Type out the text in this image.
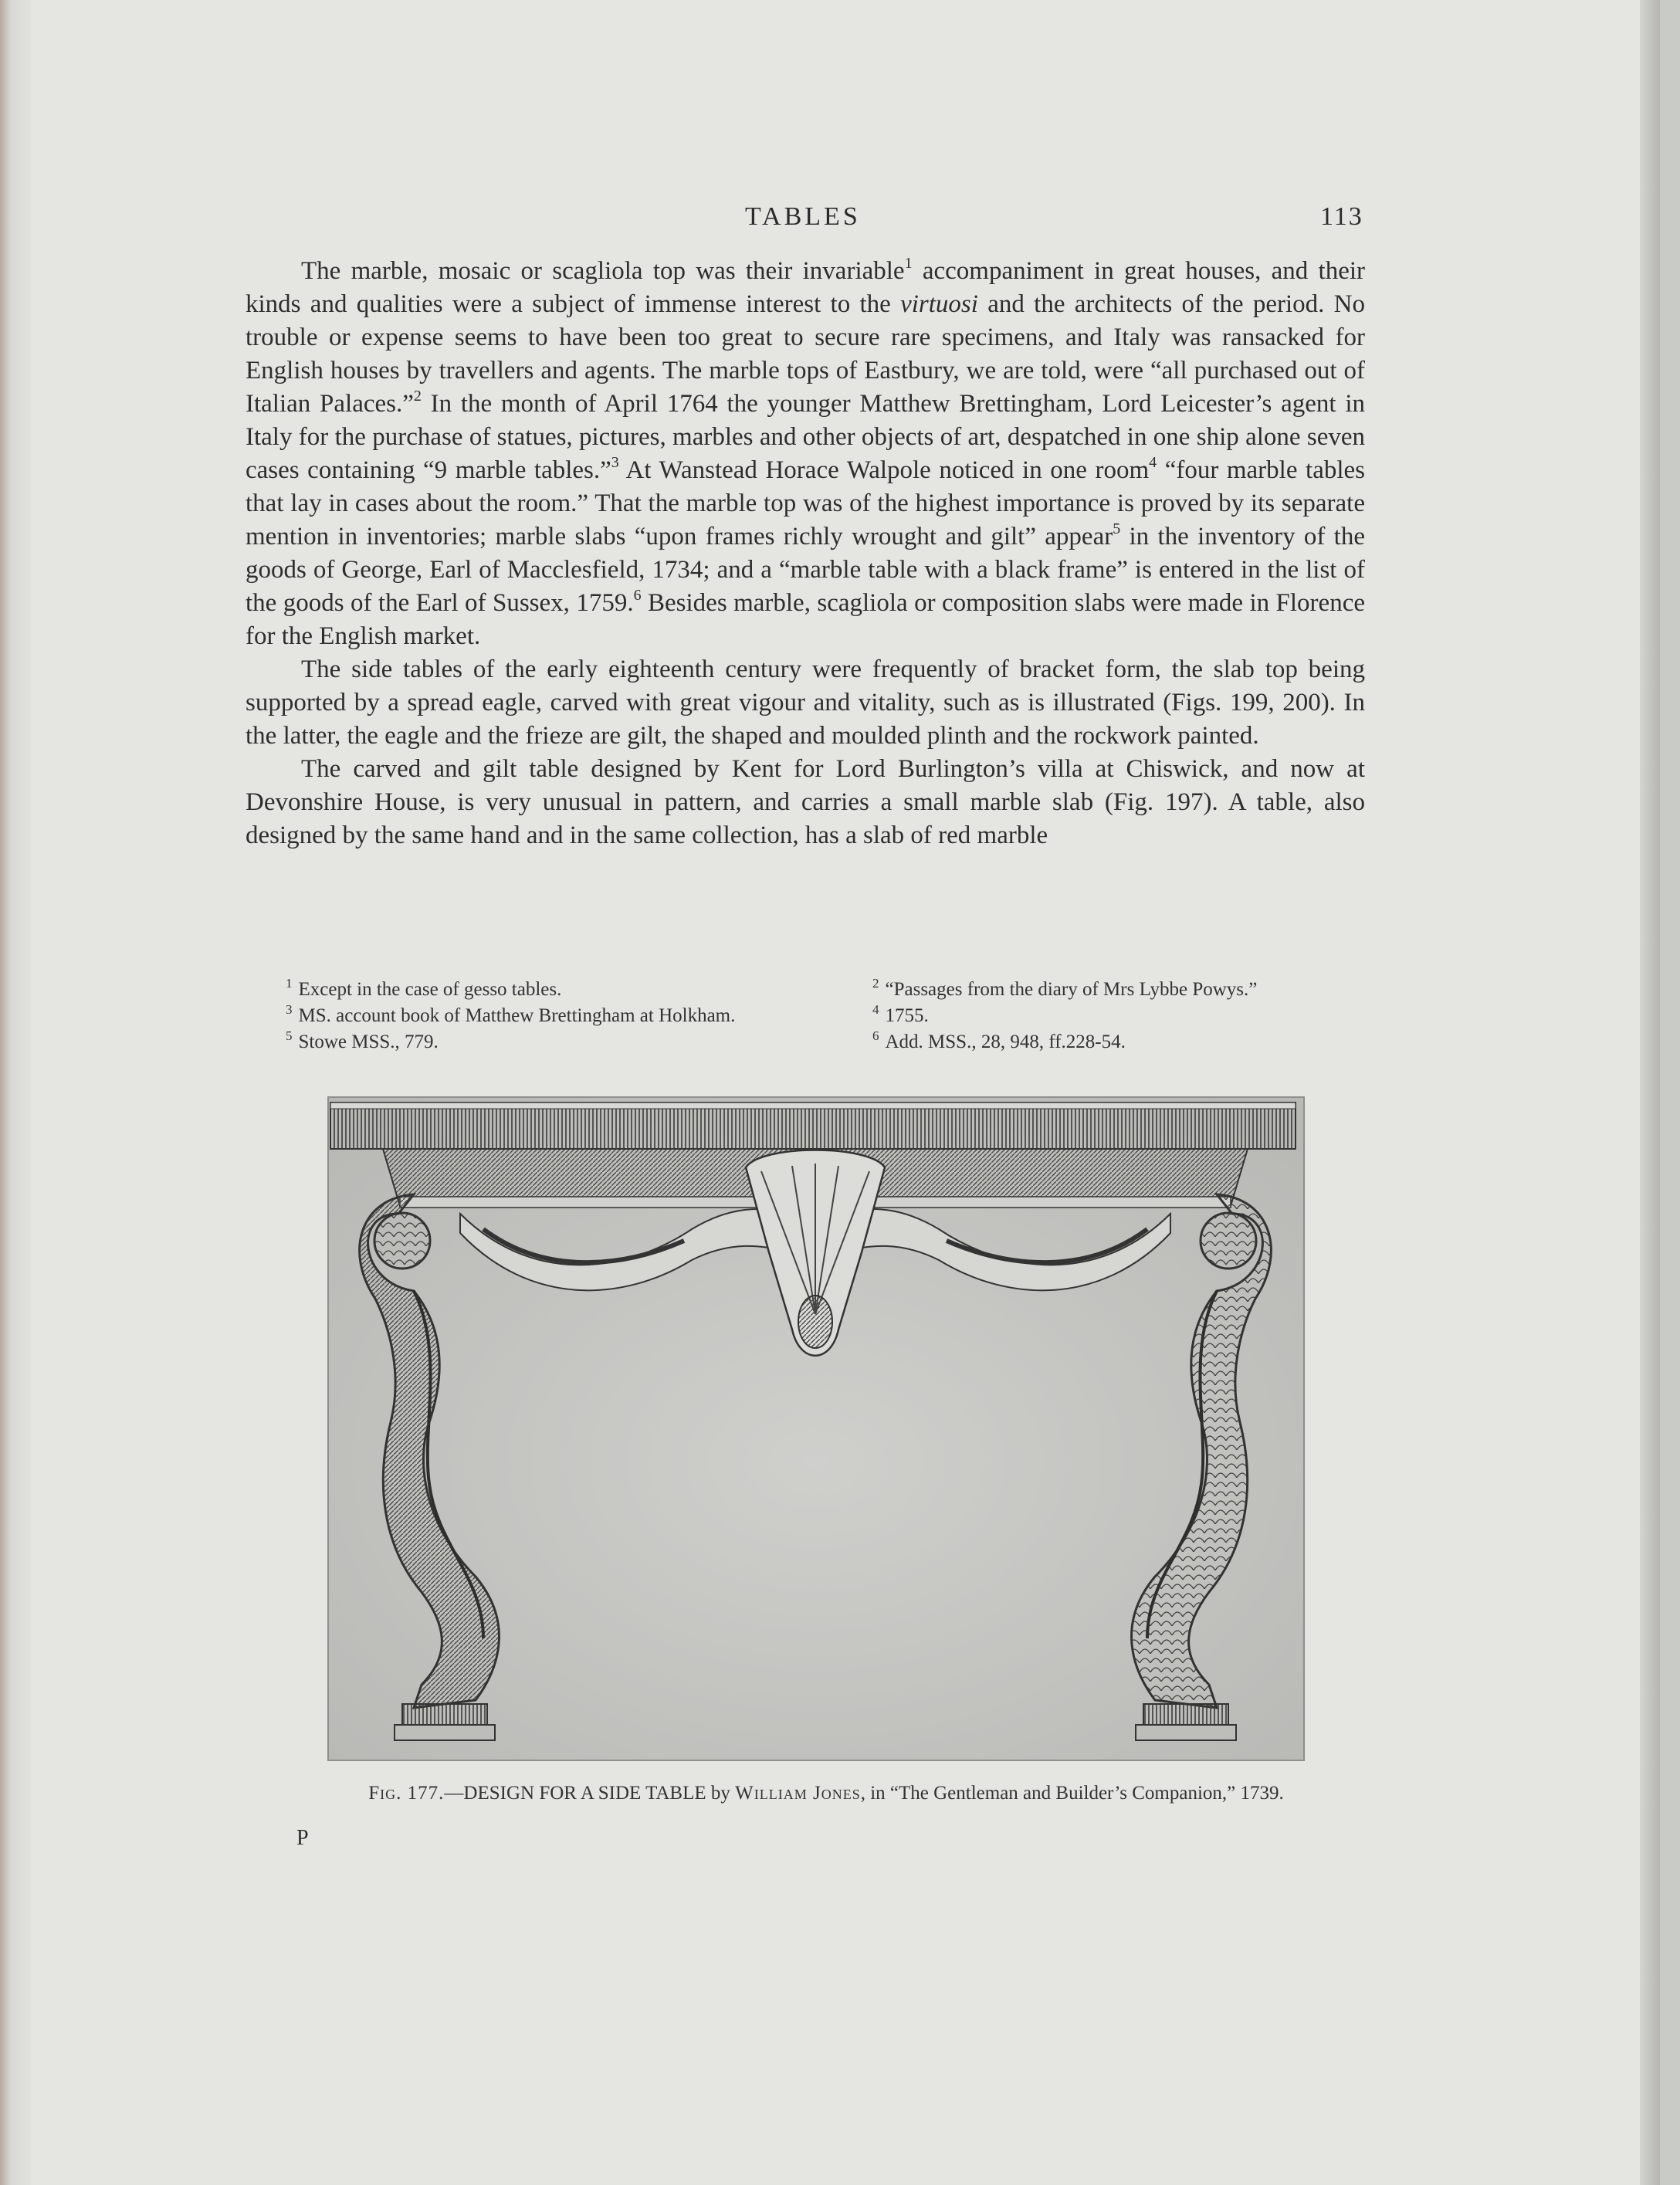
TABLES	113

The marble, mosaic or scagliola top was their invariable$^1$ accompaniment in great houses, and their kinds and qualities were a subject of immense interest to the virtuosi and the architects of the period. No trouble or expense seems to have been too great to secure rare specimens, and Italy was ransacked for English houses by travellers and agents. The marble tops of Eastbury, we are told, were “all purchased out of Italian Palaces.”$^2$ In the month of April 1764 the younger Matthew Brettingham, Lord Leicester’s agent in Italy for the purchase of statues, pictures, marbles and other objects of art, despatched in one ship alone seven cases containing “9 marble tables.”$^3$ At Wanstead Horace Walpole noticed in one room$^4$ “four marble tables that lay in cases about the room.” That the marble top was of the highest importance is proved by its separate mention in inventories; marble slabs “upon frames richly wrought and gilt” appear$^5$ in the inventory of the goods of George, Earl of Macclesfield, 1734; and a “marble table with a black frame” is entered in the list of the goods of the Earl of Sussex, 1759.$^6$ Besides marble, scagliola or composition slabs were made in Florence for the English market.

The side tables of the early eighteenth century were frequently of bracket form, the slab top being supported by a spread eagle, carved with great vigour and vitality, such as is illustrated (Figs. 199, 200). In the latter, the eagle and the frieze are gilt, the shaped and moulded plinth and the rockwork painted.

The carved and gilt table designed by Kent for Lord Burlington’s villa at Chiswick, and now at Devonshire House, is very unusual in pattern, and carries a small marble slab (Fig. 197). A table, also designed by the same hand and in the same collection, has a slab of red marble

$^1$ Except in the case of gesso tables.	$^2$ “Passages from the diary of Mrs Lybbe Powys.”
$^3$ MS. account book of Matthew Brettingham at Holkham.	$^4$ 1755.
$^5$ Stowe MSS., 779.	$^6$ Add. MSS., 28, 948, ff.228-54.
Fig. 177.—DESIGN FOR A SIDE TABLE by William Jones, in “The Gentleman and Builder’s Companion,” 1739.
P
